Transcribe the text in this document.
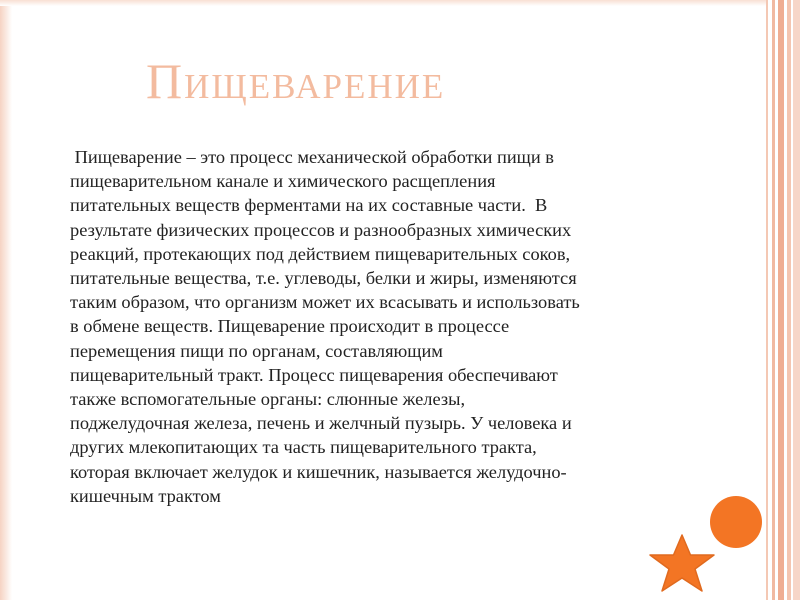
Пищеварение
Пищеварение – это процесс механической обработки пищи в
пищеварительном канале и химического расщепления
питательных веществ ферментами на их составные части.  В
результате физических процессов и разнообразных химических
реакций, протекающих под действием пищеварительных соков,
питательные вещества, т.е. углеводы, белки и жиры, изменяются
таким образом, что организм может их всасывать и использовать
в обмене веществ. Пищеварение происходит в процессе
перемещения пищи по органам, составляющим
пищеварительный тракт. Процесс пищеварения обеспечивают
также вспомогательные органы: слюнные железы,
поджелудочная железа, печень и желчный пузырь. У человека и
других млекопитающих та часть пищеварительного тракта,
которая включает желудок и кишечник, называется желудочно-
кишечным трактом
